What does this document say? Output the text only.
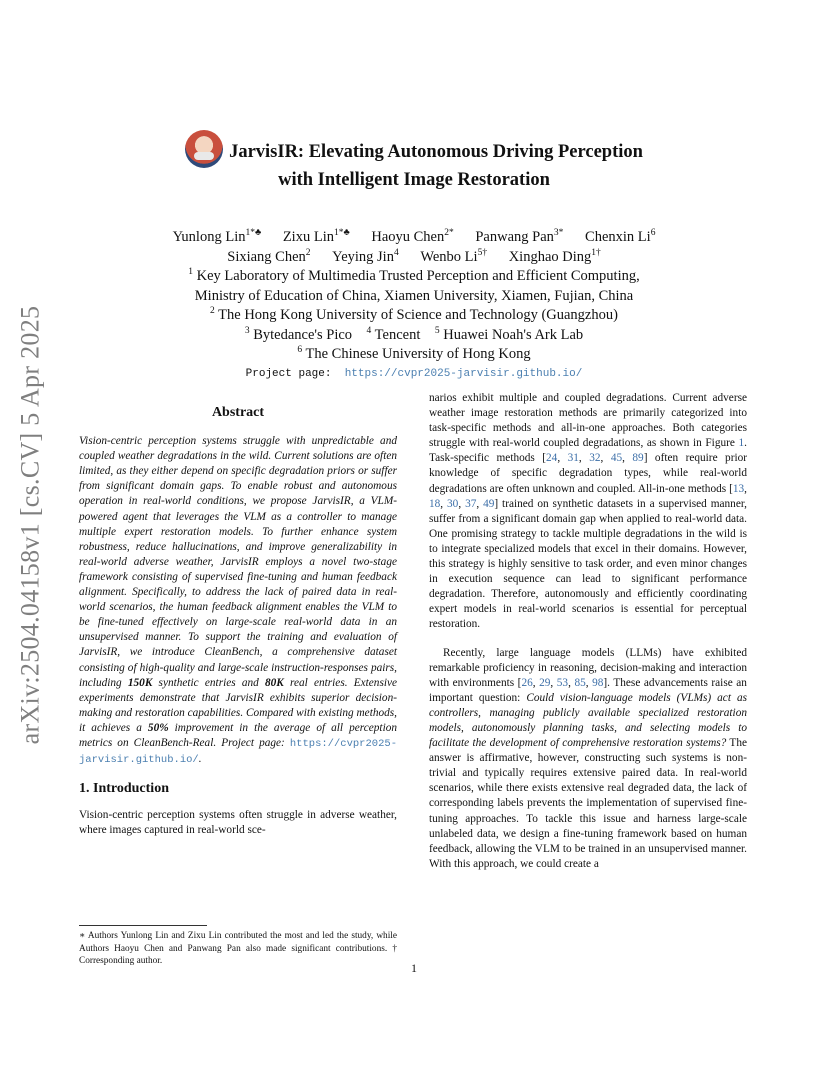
arXiv:2504.04158v1 [cs.CV] 5 Apr 2025
JarvisIR: Elevating Autonomous Driving Perception
with Intelligent Image Restoration
Yunlong Lin$^{1*♣}$ Zixu Lin$^{1*♣}$ Haoyu Chen$^{2*}$ Panwang Pan$^{3*}$ Chenxin Li$^6$
Sixiang Chen$^2$ Yeying Jin$^4$ Wenbo $Li^{5\dagger}$ Xinghao Ding$^{1\dagger}$
$^1$ Key Laboratory of Multimedia Trusted Perception and Efficient Computing,
Ministry of Education of China, Xiamen University, Xiamen, Fujian, China
$^2$ The Hong Kong University of Science and Technology (Guangzhou)
$^3$ Bytedance's Pico $^4$ Tencent $^5$ Huawei Noah's Ark Lab
$^6$ The Chinese University of Hong Kong
Project page: https://cvpr2025-jarvisir.github.io/
Abstract

Vision-centric perception systems struggle with unpredictable and coupled weather degradations in the wild. Current solutions are often limited, as they either depend on specific degradation priors or suffer from significant domain gaps. To enable robust and autonomous operation in real-world conditions, we propose JarvisIR, a VLM-powered agent that leverages the VLM as a controller to manage multiple expert restoration models. To further enhance system robustness, reduce hallucinations, and improve generalizability in real-world adverse weather, JarvisIR employs a novel two-stage framework consisting of supervised fine-tuning and human feedback alignment. Specifically, to address the lack of paired data in real-world scenarios, the human feedback alignment enables the VLM to be fine-tuned effectively on large-scale real-world data in an unsupervised manner. To support the training and evaluation of JarvisIR, we introduce CleanBench, a comprehensive dataset consisting of high-quality and large-scale instruction-responses pairs, including 150K synthetic entries and 80K real entries. Extensive experiments demonstrate that JarvisIR exhibits superior decision-making and restoration capabilities. Compared with existing methods, it achieves a 50% improvement in the average of all perception metrics on CleanBench-Real. Project page: https://cvpr2025-jarvisir.github.io/.

1. Introduction

Vision-centric perception systems often struggle in adverse weather, where images captured in real-world sce-

∗ Authors Yunlong Lin and Zixu Lin contributed the most and led the study, while Authors Haoyu Chen and Panwang Pan also made significant contributions. † Corresponding author.

narios exhibit multiple and coupled degradations. Current adverse weather image restoration methods are primarily categorized into task-specific methods and all-in-one approaches. Both categories struggle with real-world coupled degradations, as shown in Figure 1. Task-specific methods [24, 31, 32, 45, 89] often require prior knowledge of specific degradation types, while real-world degradations are often unknown and coupled. All-in-one methods [13, 18, 30, 37, 49] trained on synthetic datasets in a supervised manner, suffer from a significant domain gap when applied to real-world data. One promising strategy to tackle multiple degradations in the wild is to integrate specialized models that excel in their domains. However, this strategy is highly sensitive to task order, and even minor changes in execution sequence can lead to significant performance degradation. Therefore, autonomously and efficiently coordinating expert models in real-world scenarios is essential for perceptual restoration.

Recently, large language models (LLMs) have exhibited remarkable proficiency in reasoning, decision-making and interaction with environments [26, 29, 53, 85, 98]. These advancements raise an important question: Could vision-language models (VLMs) act as controllers, managing publicly available specialized restoration models, autonomously planning tasks, and selecting models to facilitate the development of comprehensive restoration systems? The answer is affirmative, however, constructing such systems is non-trivial and typically requires extensive paired data. In real-world scenarios, while there exists extensive real degraded data, the lack of corresponding labels prevents the implementation of supervised fine-tuning approaches. To tackle this issue and harness large-scale unlabeled data, we design a fine-tuning framework based on human feedback, allowing the VLM to be trained in an unsupervised manner. With this approach, we could create a

1
